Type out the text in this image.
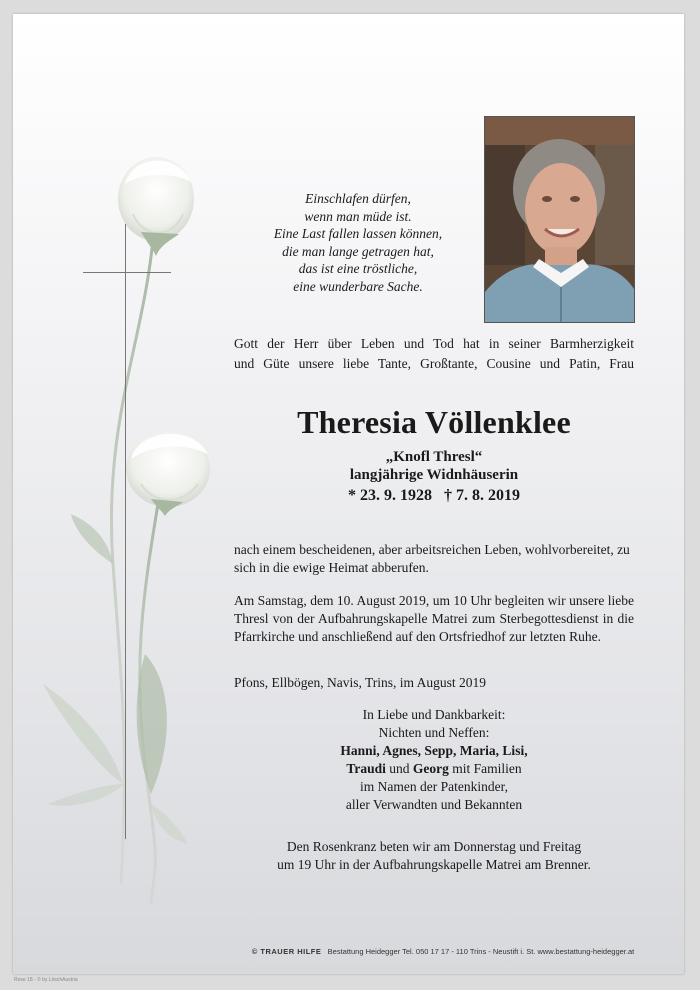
Einschlafen dürfen,
wenn man müde ist.
Eine Last fallen lassen können,
die man lange getragen hat,
das ist eine tröstliche,
eine wunderbare Sache.
Gott der Herr über Leben und Tod hat in seiner Barmherzigkeit
und Güte unsere liebe Tante, Großtante, Cousine und Patin, Frau
Theresia Völlenklee
„Knofl Thresl“
langjährige Widnhäuserin
* 23. 9. 1928 † 7. 8. 2019
nach einem bescheidenen, aber arbeitsreichen Leben, wohlvorbereitet, zu sich in die ewige Heimat abberufen.
Am Samstag, dem 10. August 2019, um 10 Uhr begleiten wir unsere liebe Thresl von der Aufbahrungskapelle Matrei zum Sterbegottesdienst in die Pfarrkirche und anschließend auf den Ortsfriedhof zur letzten Ruhe.
Pfons, Ellbögen, Navis, Trins, im August 2019
In Liebe und Dankbarkeit:
Nichten und Neffen:
Hanni, Agnes, Sepp, Maria, Lisi,
Traudi und Georg mit Familien
im Namen der Patenkinder,
aller Verwandten und Bekannten
Den Rosenkranz beten wir am Donnerstag und Freitag
um 19 Uhr in der Aufbahrungskapelle Matrei am Brenner.
© TRAUER HILFE Bestattung Heidegger Tel. 050 17 17 - 110 Trins - Neustift i. St. www.bestattung-heidegger.at
Rose 18 - © by LöschAustria
